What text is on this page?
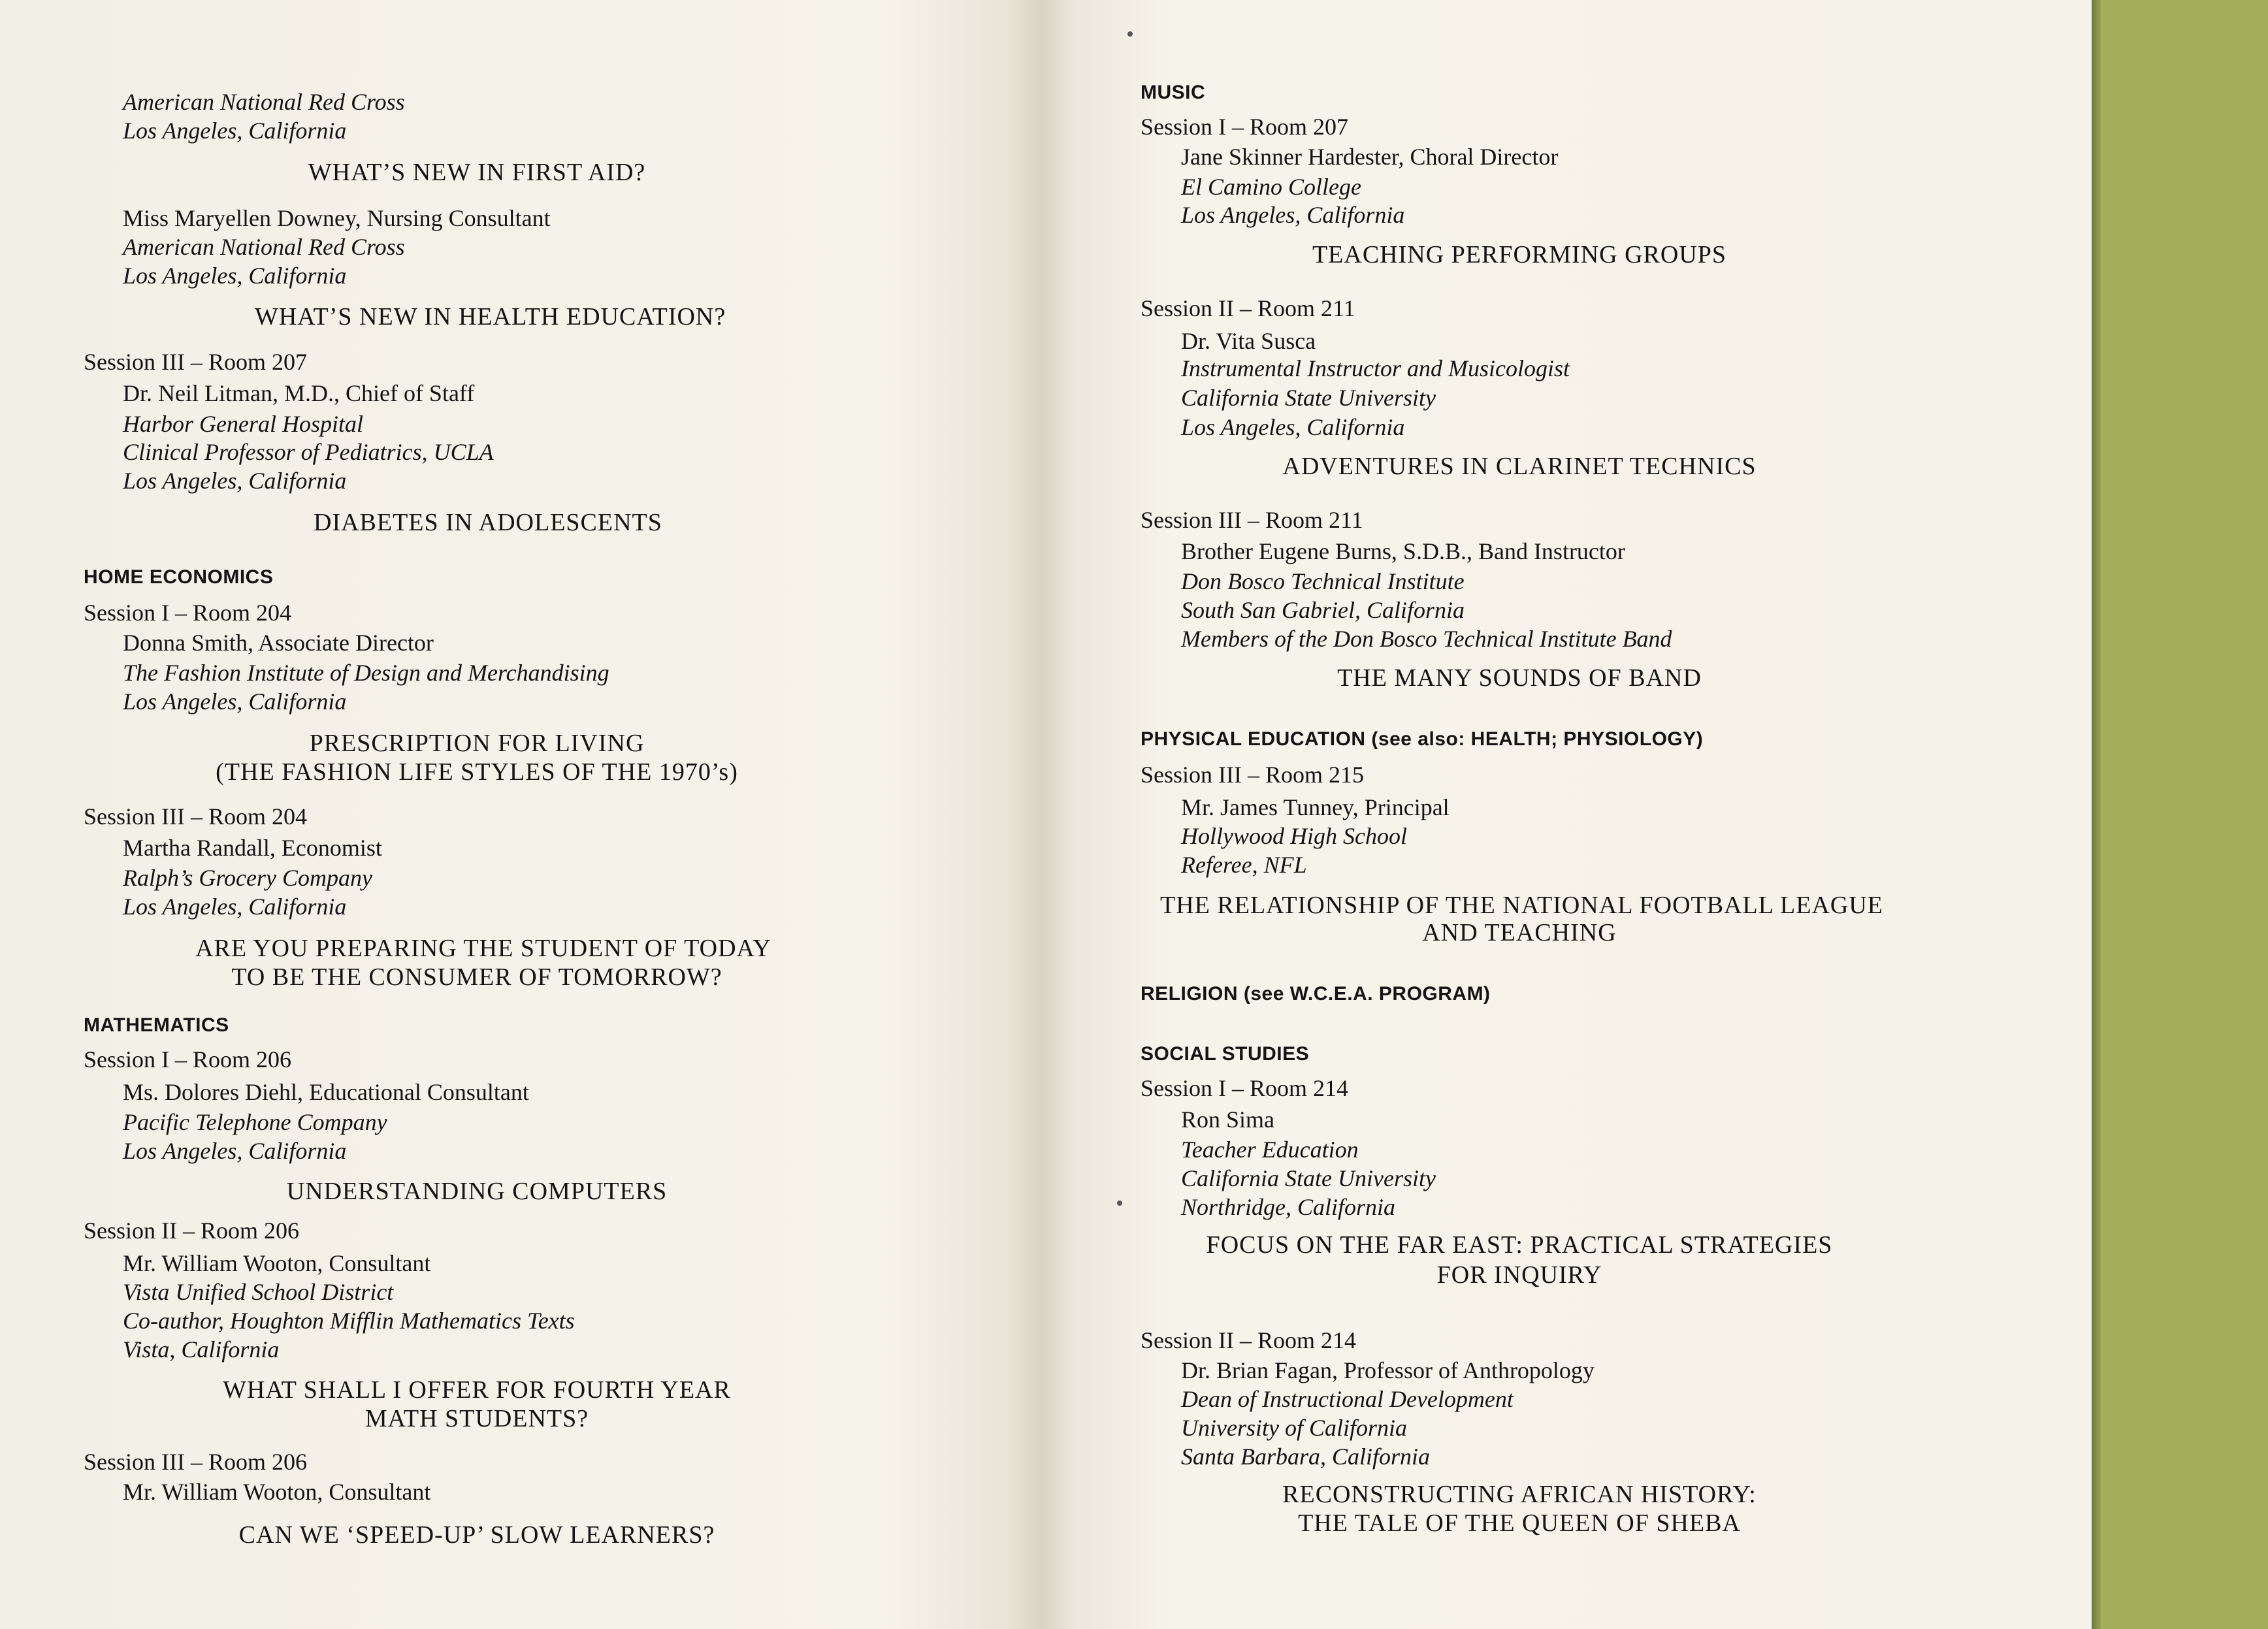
American National Red Cross
Los Angeles, California
WHAT’S NEW IN FIRST AID?
Miss Maryellen Downey, Nursing Consultant
American National Red Cross
Los Angeles, California
WHAT’S NEW IN HEALTH EDUCATION?
Session III – Room 207
Dr. Neil Litman, M.D., Chief of Staff
Harbor General Hospital
Clinical Professor of Pediatrics, UCLA
Los Angeles, California
DIABETES IN ADOLESCENTS
HOME ECONOMICS
Session I – Room 204
Donna Smith, Associate Director
The Fashion Institute of Design and Merchandising
Los Angeles, California
PRESCRIPTION FOR LIVING
(THE FASHION LIFE STYLES OF THE 1970’s)
Session III – Room 204
Martha Randall, Economist
Ralph’s Grocery Company
Los Angeles, California
ARE YOU PREPARING THE STUDENT OF TODAY
TO BE THE CONSUMER OF TOMORROW?
MATHEMATICS
Session I – Room 206
Ms. Dolores Diehl, Educational Consultant
Pacific Telephone Company
Los Angeles, California
UNDERSTANDING COMPUTERS
Session II – Room 206
Mr. William Wooton, Consultant
Vista Unified School District
Co-author, Houghton Mifflin Mathematics Texts
Vista, California
WHAT SHALL I OFFER FOR FOURTH YEAR
MATH STUDENTS?
Session III – Room 206
Mr. William Wooton, Consultant
CAN WE ‘SPEED-UP’ SLOW LEARNERS?
MUSIC
Session I – Room 207
Jane Skinner Hardester, Choral Director
El Camino College
Los Angeles, California
TEACHING PERFORMING GROUPS
Session II – Room 211
Dr. Vita Susca
Instrumental Instructor and Musicologist
California State University
Los Angeles, California
ADVENTURES IN CLARINET TECHNICS
Session III – Room 211
Brother Eugene Burns, S.D.B., Band Instructor
Don Bosco Technical Institute
South San Gabriel, California
Members of the Don Bosco Technical Institute Band
THE MANY SOUNDS OF BAND
PHYSICAL EDUCATION (see also: HEALTH; PHYSIOLOGY)
Session III – Room 215
Mr. James Tunney, Principal
Hollywood High School
Referee, NFL
THE RELATIONSHIP OF THE NATIONAL FOOTBALL LEAGUE
AND TEACHING
RELIGION (see W.C.E.A. PROGRAM)
SOCIAL STUDIES
Session I – Room 214
Ron Sima
Teacher Education
California State University
Northridge, California
FOCUS ON THE FAR EAST: PRACTICAL STRATEGIES
FOR INQUIRY
Session II – Room 214
Dr. Brian Fagan, Professor of Anthropology
Dean of Instructional Development
University of California
Santa Barbara, California
RECONSTRUCTING AFRICAN HISTORY:
THE TALE OF THE QUEEN OF SHEBA
